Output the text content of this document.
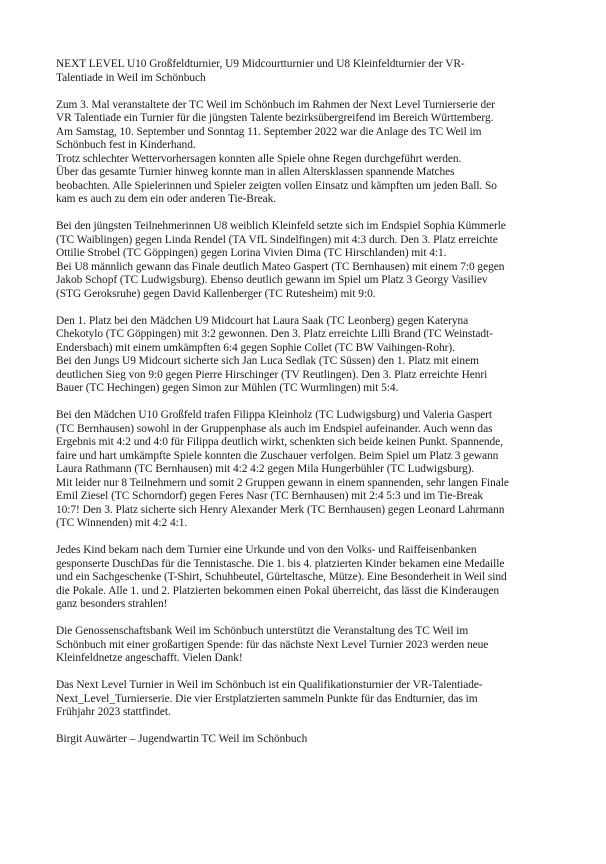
NEXT LEVEL U10 Großfeldturnier, U9 Midcourtturnier und U8 Kleinfeldturnier der VR-
Talentiade in Weil im Schönbuch
Zum 3. Mal veranstaltete der TC Weil im Schönbuch im Rahmen der Next Level Turnierserie der
VR Talentiade ein Turnier für die jüngsten Talente bezirksübergreifend im Bereich Württemberg.
Am Samstag, 10. September und Sonntag 11. September 2022 war die Anlage des TC Weil im
Schönbuch fest in Kinderhand.
Trotz schlechter Wettervorhersagen konnten alle Spiele ohne Regen durchgeführt werden.
Über das gesamte Turnier hinweg konnte man in allen Altersklassen spannende Matches
beobachten. Alle Spielerinnen und Spieler zeigten vollen Einsatz und kämpften um jeden Ball. So
kam es auch zu dem ein oder anderen Tie-Break.
Bei den jüngsten Teilnehmerinnen U8 weiblich Kleinfeld setzte sich im Endspiel Sophia Kümmerle
(TC Waiblingen) gegen Linda Rendel (TA VfL Sindelfingen) mit 4:3 durch. Den 3. Platz erreichte
Ottilie Strobel (TC Göppingen) gegen Lorina Vivien Dima (TC Hirschlanden) mit 4:1.
Bei U8 männlich gewann das Finale deutlich Mateo Gaspert (TC Bernhausen) mit einem 7:0 gegen
Jakob Schopf (TC Ludwigsburg). Ebenso deutlich gewann im Spiel um Platz 3 Georgy Vasiliev
(STG Geroksruhe) gegen David Kallenberger (TC Rutesheim) mit 9:0.
Den 1. Platz bei den Mädchen U9 Midcourt hat Laura Saak (TC Leonberg) gegen Kateryna
Chekotylo (TC Göppingen) mit 3:2 gewonnen. Den 3. Platz erreichte Lilli Brand (TC Weinstadt-
Endersbach) mit einem umkämpften 6:4 gegen Sophie Collet (TC BW Vaihingen-Rohr).
Bei den Jungs U9 Midcourt sicherte sich Jan Luca Sedlak (TC Süssen) den 1. Platz mit einem
deutlichen Sieg von 9:0 gegen Pierre Hirschinger (TV Reutlingen). Den 3. Platz erreichte Henri
Bauer (TC Hechingen) gegen Simon zur Mühlen (TC Wurmlingen) mit 5:4.
Bei den Mädchen U10 Großfeld trafen Filippa Kleinholz (TC Ludwigsburg) und Valeria Gaspert
(TC Bernhausen) sowohl in der Gruppenphase als auch im Endspiel aufeinander. Auch wenn das
Ergebnis mit 4:2 und 4:0 für Filippa deutlich wirkt, schenkten sich beide keinen Punkt. Spannende,
faire und hart umkämpfte Spiele konnten die Zuschauer verfolgen. Beim Spiel um Platz 3 gewann
Laura Rathmann (TC Bernhausen) mit 4:2 4:2 gegen Mila Hungerbühler (TC Ludwigsburg).
Mit leider nur 8 Teilnehmern und somit 2 Gruppen gewann in einem spannenden, sehr langen Finale
Emil Ziesel (TC Schorndorf) gegen Feres Nasr (TC Bernhausen) mit 2:4 5:3 und im Tie-Break
10:7! Den 3. Platz sicherte sich Henry Alexander Merk (TC Bernhausen) gegen Leonard Lahrmann
(TC Winnenden) mit 4:2 4:1.
Jedes Kind bekam nach dem Turnier eine Urkunde und von den Volks- und Raiffeisenbanken
gesponserte DuschDas für die Tennistasche. Die 1. bis 4. platzierten Kinder bekamen eine Medaille
und ein Sachgeschenke (T-Shirt, Schuhbeutel, Gürteltasche, Mütze). Eine Besonderheit in Weil sind
die Pokale. Alle 1. und 2. Platzierten bekommen einen Pokal überreicht, das lässt die Kinderaugen
ganz besonders strahlen!
Die Genossenschaftsbank Weil im Schönbuch unterstützt die Veranstaltung des TC Weil im
Schönbuch mit einer großartigen Spende: für das nächste Next Level Turnier 2023 werden neue
Kleinfeldnetze angeschafft. Vielen Dank!
Das Next Level Turnier in Weil im Schönbuch ist ein Qualifikationsturnier der VR-Talentiade-
Next_Level_Turnierserie. Die vier Erstplatzierten sammeln Punkte für das Endturnier, das im
Frühjahr 2023 stattfindet.

Birgit Auwärter – Jugendwartin TC Weil im Schönbuch
